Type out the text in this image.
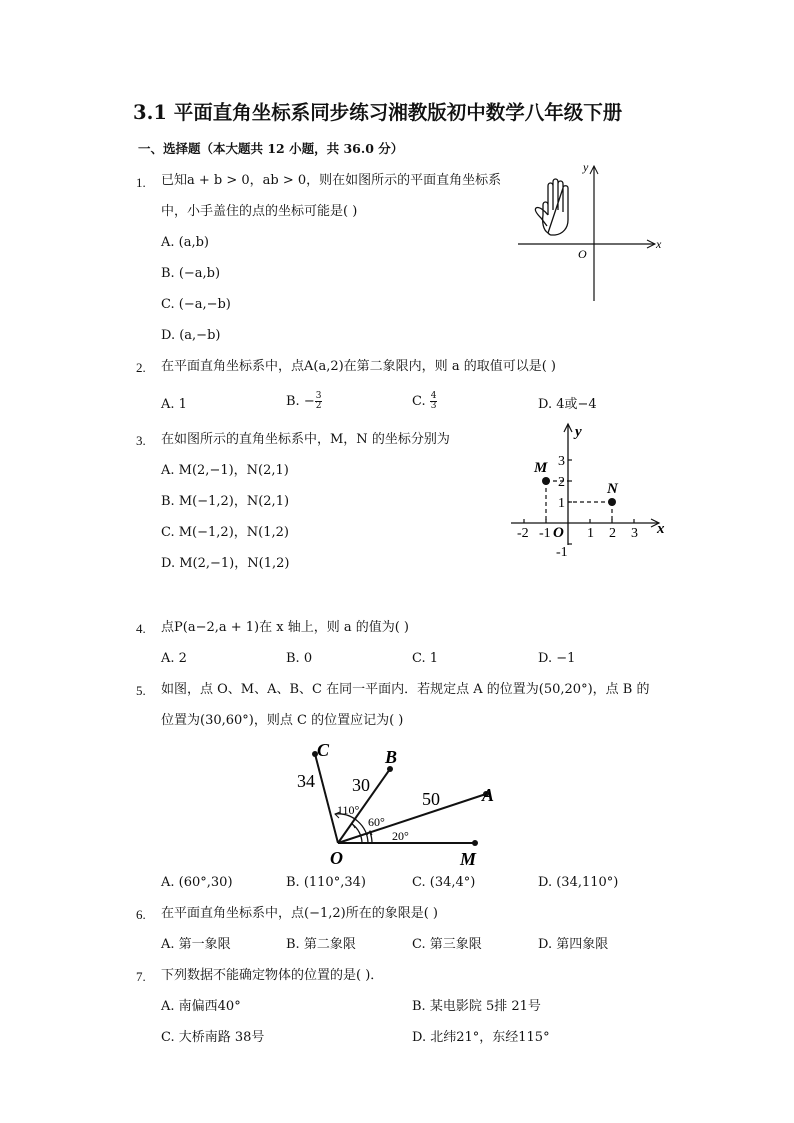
3.1 平面直角坐标系同步练习湘教版初中数学八年级下册
一、选择题（本大题共 12 小题，共 36.0 分）
1. 已知a + b > 0，ab > 0，则在如图所示的平面直角坐标系
中，小手盖住的点的坐标可能是( )
A. (a,b)
B. (−a,b)
C. (−a,−b)
D. (a,−b)
x
y
O
2. 在平面直角坐标系中，点A(a,2)在第二象限内，则 a 的取值可以是( )
A. 1	B. − $\frac{3}{2}$	C. $\frac{4}{3}$	D. 4或−4
3. 在如图所示的直角坐标系中，M，N 的坐标分别为
A. M(2,−1)，N(2,1)
B. M(−1,2)，N(2,1)
C. M(−1,2)，N(1,2)
D. M(2,−1)，N(1,2)
x
y
O
-2 -1	1 2 3
3
2
1
-1
M
N
4. 点P(a−2,a + 1)在 x 轴上，则 a 的值为( )
A. 2	B. 0	C. 1	D. −1
5. 如图，点 O、M、A、B、C 在同一平面内．若规定点 A 的位置为(50,20°)，点 B 的
位置为(30,60°)，则点 C 的位置应记为( )
O	M
A
B
C
34 30
50
110°
60°
20°
A. (60°,30)	B. (110°,34)	C. (34,4°)	D. (34,110°)
6. 在平面直角坐标系中，点(−1,2)所在的象限是( )
A. 第一象限	B. 第二象限	C. 第三象限	D. 第四象限
7. 下列数据不能确定物体的位置的是( )．
A. 南偏西40°	B. 某电影院 5排 21号
C. 大桥南路 38号	D. 北纬21°，东经115°
